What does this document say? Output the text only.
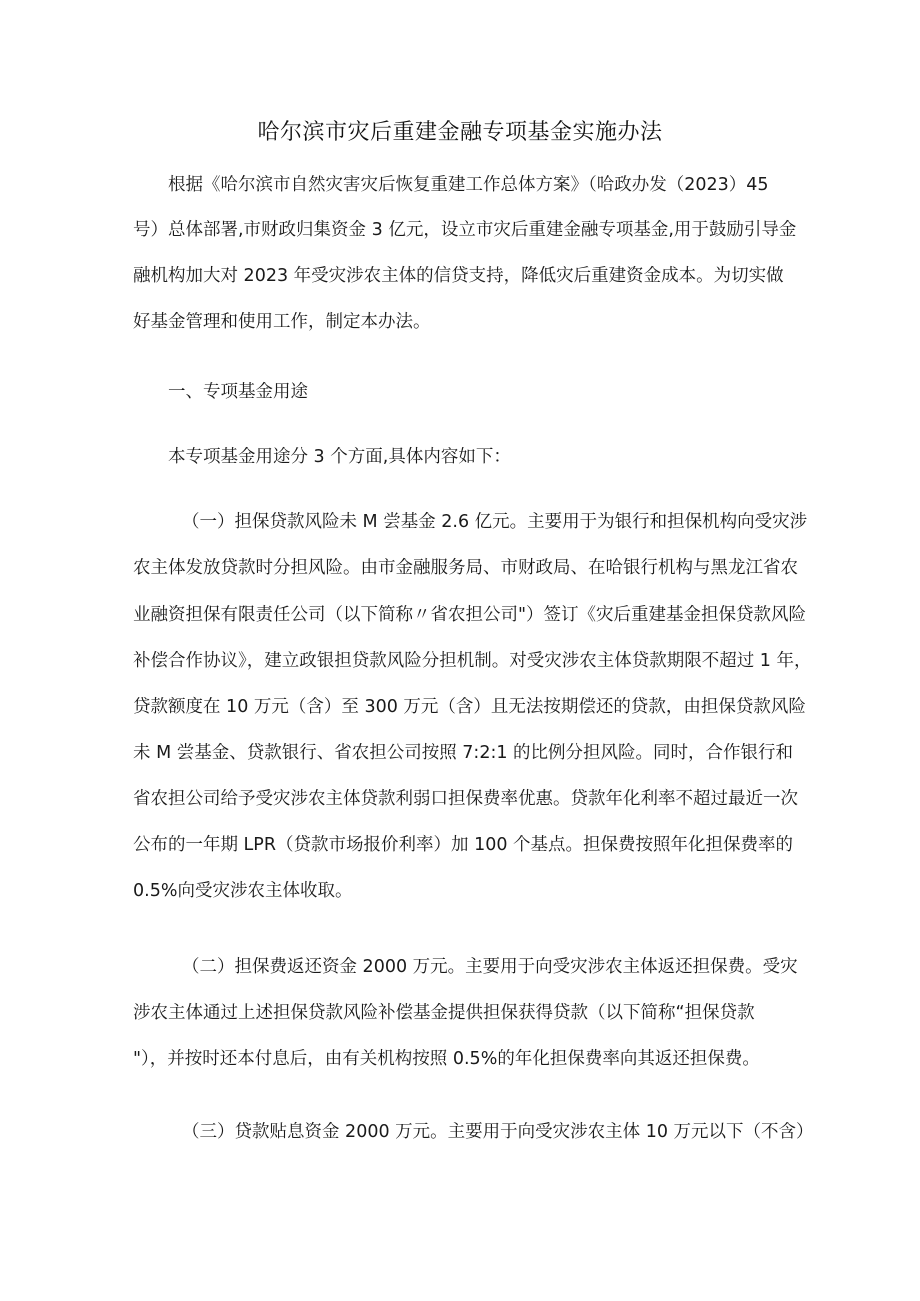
哈尔滨市灾后重建金融专项基金实施办法
根据《哈尔滨市自然灾害灾后恢复重建工作总体方案》（哈政办发（2023）45
号）总体部署,市财政归集资金 3 亿元，设立市灾后重建金融专项基金,用于鼓励引导金
融机构加大对 2023 年受灾涉农主体的信贷支持，降低灾后重建资金成本。为切实做
好基金管理和使用工作，制定本办法。
一、专项基金用途
本专项基金用途分 3 个方面,具体内容如下：
（一）担保贷款风险未 M 尝基金 2.6 亿元。主要用于为银行和担保机构向受灾涉
农主体发放贷款时分担风险。由市金融服务局、市财政局、在哈银行机构与黑龙江省农
业融资担保有限责任公司（以下简称〃省农担公司"）签订《灾后重建基金担保贷款风险
补偿合作协议》，建立政银担贷款风险分担机制。对受灾涉农主体贷款期限不超过 1 年，
贷款额度在 10 万元（含）至 300 万元（含）且无法按期偿还的贷款，由担保贷款风险
未 M 尝基金、贷款银行、省农担公司按照 7:2:1 的比例分担风险。同时，合作银行和
省农担公司给予受灾涉农主体贷款利弱口担保费率优惠。贷款年化利率不超过最近一次
公布的一年期 LPR（贷款市场报价利率）加 100 个基点。担保费按照年化担保费率的
0.5%向受灾涉农主体收取。
（二）担保费返还资金 2000 万元。主要用于向受灾涉农主体返还担保费。受灾
涉农主体通过上述担保贷款风险补偿基金提供担保获得贷款（以下简称“担保贷款
"），并按时还本付息后，由有关机构按照 0.5%的年化担保费率向其返还担保费。
（三）贷款贴息资金 2000 万元。主要用于向受灾涉农主体 10 万元以下（不含）
